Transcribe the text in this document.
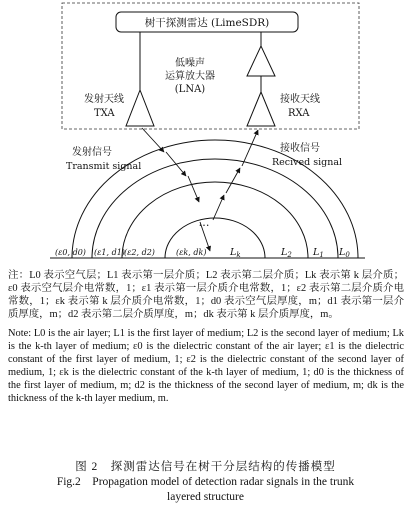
树干探测雷达 (LimeSDR)
低噪声
运算放大器
(LNA)
发射天线
TXA
接收天线
RXA
…
发射信号
Transmit signal
接收信号
Recived signal
$L_k$	$L_2$ $L_1$ $L_0$
(ε0, d0) (ε1, d1) (ε2, d2)	(εk, dk)
注：L0 表示空气层；L1 表示第一层介质；L2 表示第二层介质；Lk 表示第 k 层介质；ε0 表示空气层介电常数，1；ε1 表示第一层介质介电常数，1；ε2 表示第二层介质介电常数，1；εk 表示第 k 层介质介电常数，1；d0 表示空气层厚度，m；d1 表示第一层介质厚度，m；d2 表示第二层介质厚度，m；dk 表示第 k 层介质厚度，m。
Note: L0 is the air layer; L1 is the first layer of medium; L2 is the second layer of medium; Lk is the k-th layer of medium; ε0 is the dielectric constant of the air layer; ε1 is the dielectric constant of the first layer of medium, 1; ε2 is the dielectric constant of the second layer of medium, 1; εk is the dielectric constant of the k-th layer of medium, 1; d0 is the thickness of the first layer of medium, m; d2 is the thickness of the second layer of medium, m; dk is the thickness of the k-th layer medium, m.
图 2　探测雷达信号在树干分层结构的传播模型
Fig.2　Propagation model of detection radar signals in the trunk
layered structure
